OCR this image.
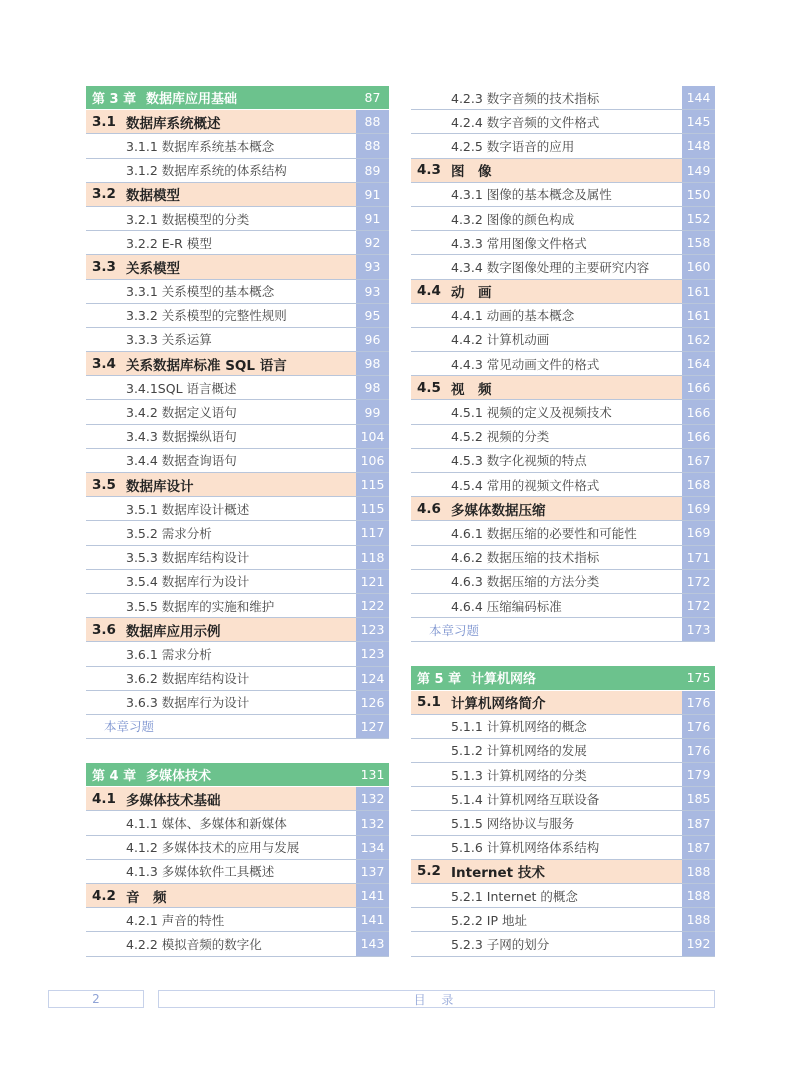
第 3 章 数据库应用基础	87
3.1 数据库系统概述	88
3.1.1 数据库系统基本概念	88
3.1.2 数据库系统的体系结构	89
3.2 数据模型	91
3.2.1 数据模型的分类	91
3.2.2 E-R 模型	92
3.3 关系模型	93
3.3.1 关系模型的基本概念	93
3.3.2 关系模型的完整性规则	95
3.3.3 关系运算	96
3.4 关系数据库标准 SQL 语言	98
3.4.1SQL 语言概述	98
3.4.2 数据定义语句	99
3.4.3 数据操纵语句	104
3.4.4 数据查询语句	106
3.5 数据库设计	115
3.5.1 数据库设计概述	115
3.5.2 需求分析	117
3.5.3 数据库结构设计	118
3.5.4 数据库行为设计	121
3.5.5 数据库的实施和维护	122
3.6 数据库应用示例	123
3.6.1 需求分析	123
3.6.2 数据库结构设计	124
3.6.3 数据库行为设计	126
本章习题	127
第 4 章 多媒体技术	131
4.1 多媒体技术基础	132
4.1.1 媒体、多媒体和新媒体	132
4.1.2 多媒体技术的应用与发展	134
4.1.3 多媒体软件工具概述	137
4.2 音　频	141
4.2.1 声音的特性	141
4.2.2 模拟音频的数字化	143
4.2.3 数字音频的技术指标	144
4.2.4 数字音频的文件格式	145
4.2.5 数字语音的应用	148
4.3 图　像	149
4.3.1 图像的基本概念及属性	150
4.3.2 图像的颜色构成	152
4.3.3 常用图像文件格式	158
4.3.4 数字图像处理的主要研究内容	160
4.4 动　画	161
4.4.1 动画的基本概念	161
4.4.2 计算机动画	162
4.4.3 常见动画文件的格式	164
4.5 视　频	166
4.5.1 视频的定义及视频技术	166
4.5.2 视频的分类	166
4.5.3 数字化视频的特点	167
4.5.4 常用的视频文件格式	168
4.6 多媒体数据压缩	169
4.6.1 数据压缩的必要性和可能性	169
4.6.2 数据压缩的技术指标	171
4.6.3 数据压缩的方法分类	172
4.6.4 压缩编码标准	172
本章习题	173
第 5 章 计算机网络	175
5.1 计算机网络简介	176
5.1.1 计算机网络的概念	176
5.1.2 计算机网络的发展	176
5.1.3 计算机网络的分类	179
5.1.4 计算机网络互联设备	185
5.1.5 网络协议与服务	187
5.1.6 计算机网络体系结构	187
5.2 Internet 技术	188
5.2.1 Internet 的概念	188
5.2.2 IP 地址	188
5.2.3 子网的划分	192
2	目 录
